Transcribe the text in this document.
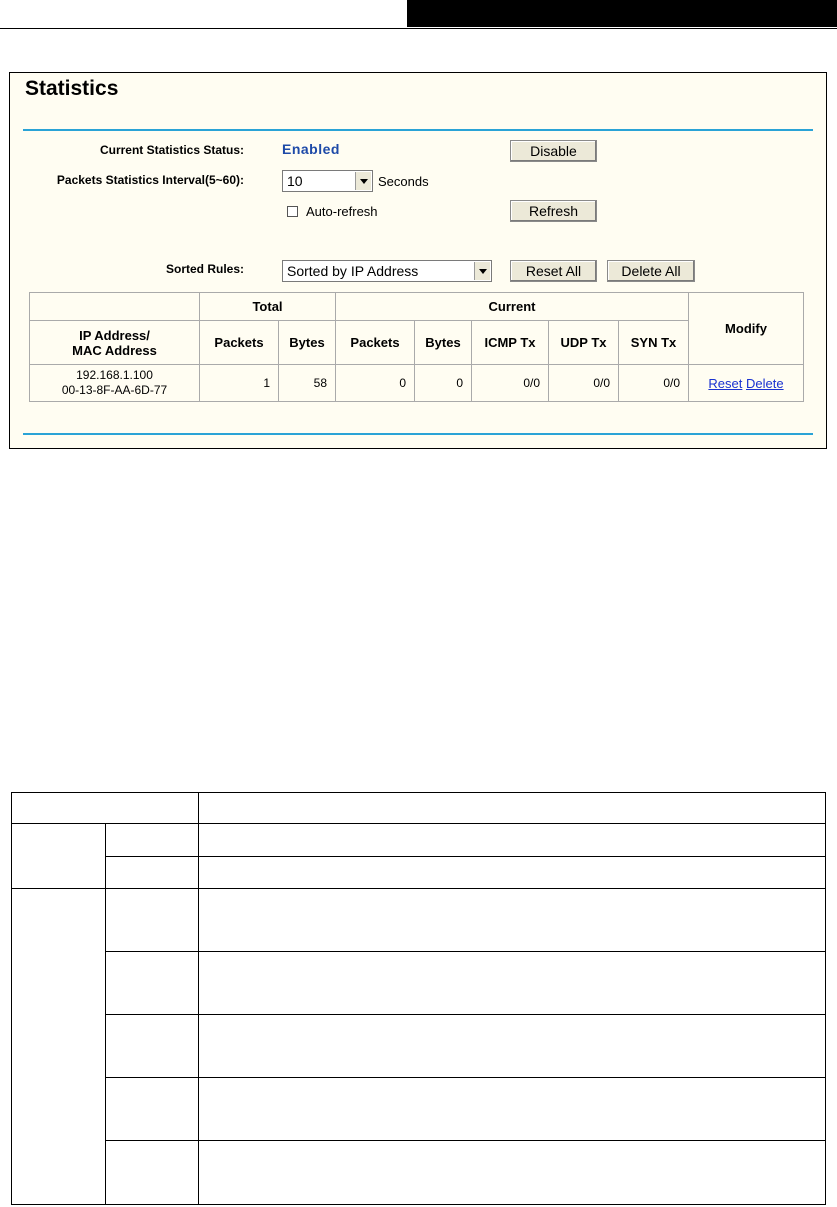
Statistics
Current Statistics Status:	Enabled	Disable
Packets Statistics Interval(5~60):	10	Seconds
Auto-refresh	Refresh
Sorted Rules:	Sorted by IP Address	Reset All	Delete All
	Total		Current					Modify

IP Address/
MAC Address	Packets	Bytes	Packets	Bytes	ICMP Tx	UDP Tx	SYN Tx	

192.168.1.100
00-13-8F-AA-6D-77	1	58	0	0	0/0	0/0	0/0	Reset Delete
